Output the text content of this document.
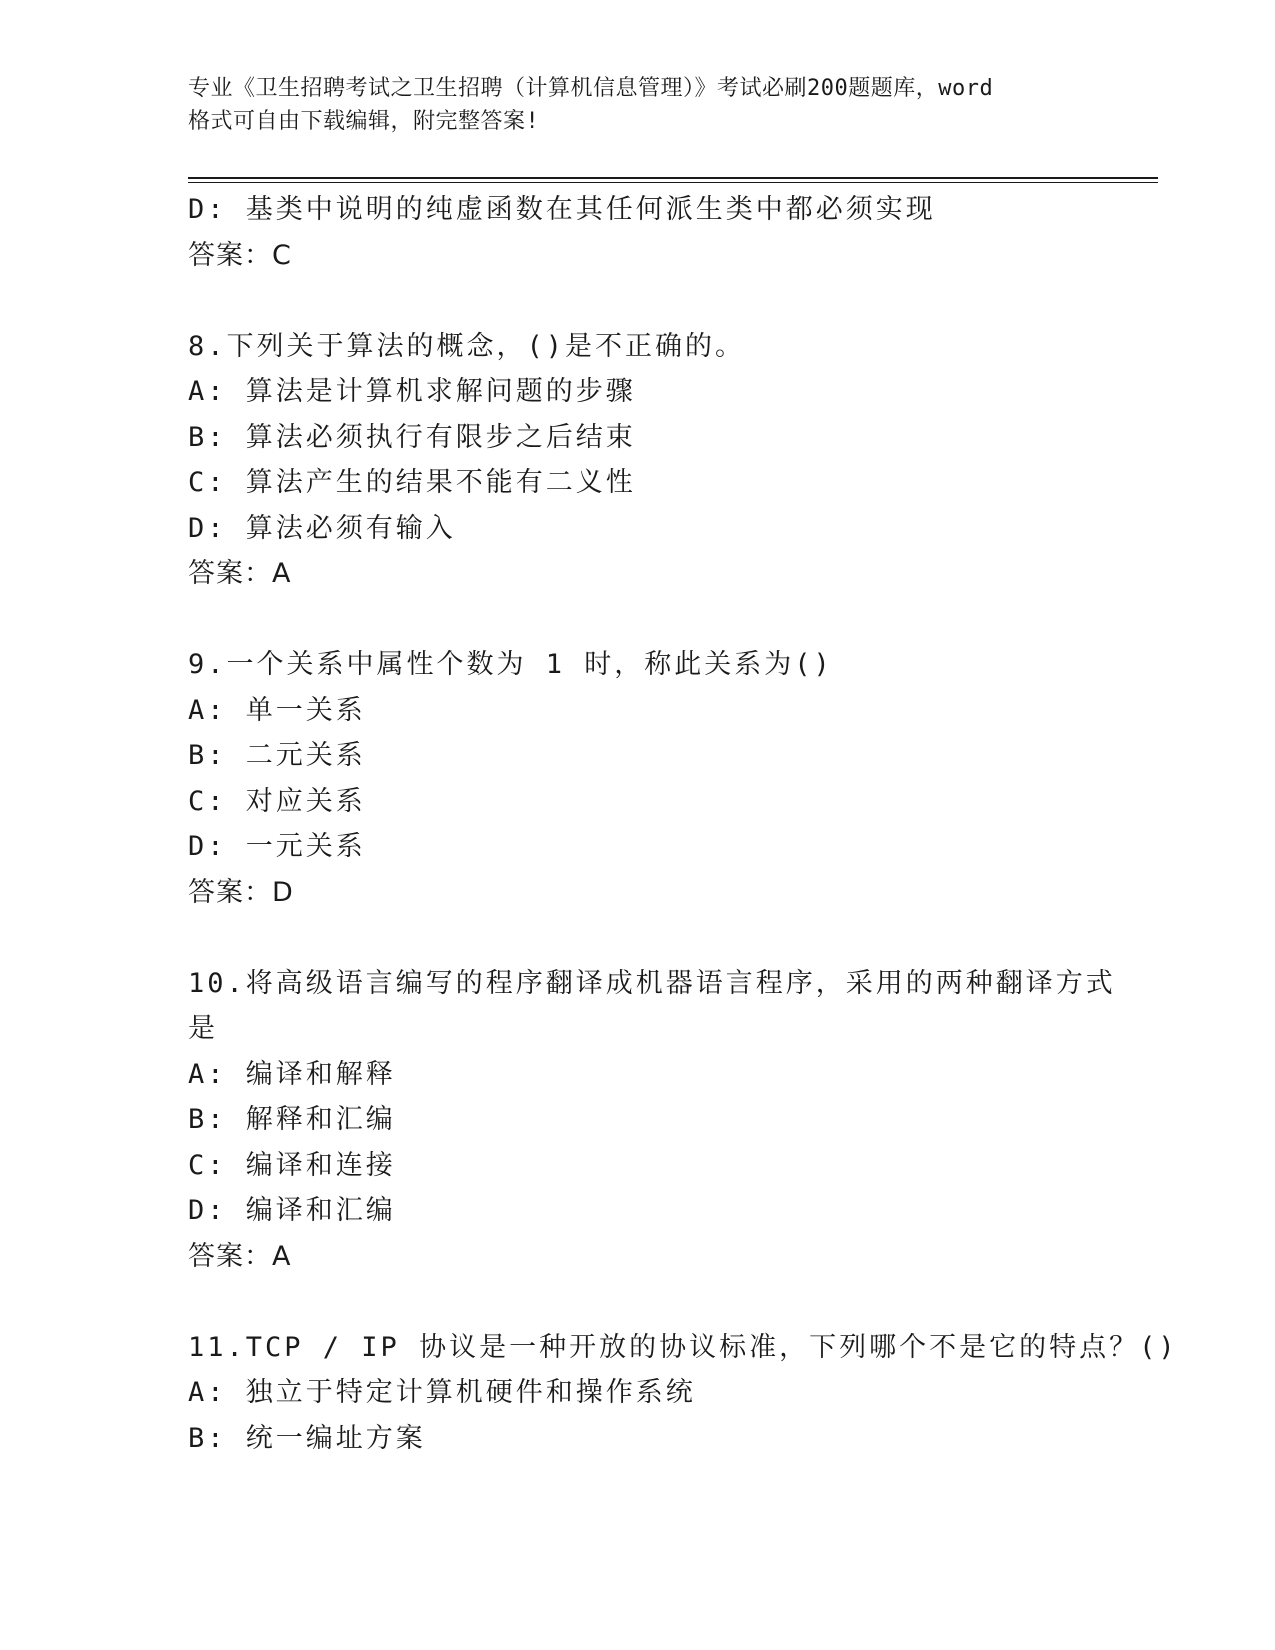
专业《卫生招聘考试之卫生招聘（计算机信息管理）》考试必刷200题题库，word
格式可自由下载编辑，附完整答案!
D: 基类中说明的纯虚函数在其任何派生类中都必须实现
答案：C
8.下列关于算法的概念，()是不正确的。
A: 算法是计算机求解问题的步骤
B: 算法必须执行有限步之后结束
C: 算法产生的结果不能有二义性
D: 算法必须有输入
答案：A
9.一个关系中属性个数为 1 时，称此关系为()
A: 单一关系
B: 二元关系
C: 对应关系
D: 一元关系
答案：D
10.将高级语言编写的程序翻译成机器语言程序，采用的两种翻译方式
是
A: 编译和解释
B: 解释和汇编
C: 编译和连接
D: 编译和汇编
答案：A
11.TCP / IP 协议是一种开放的协议标准，下列哪个不是它的特点？()
A: 独立于特定计算机硬件和操作系统
B: 统一编址方案
